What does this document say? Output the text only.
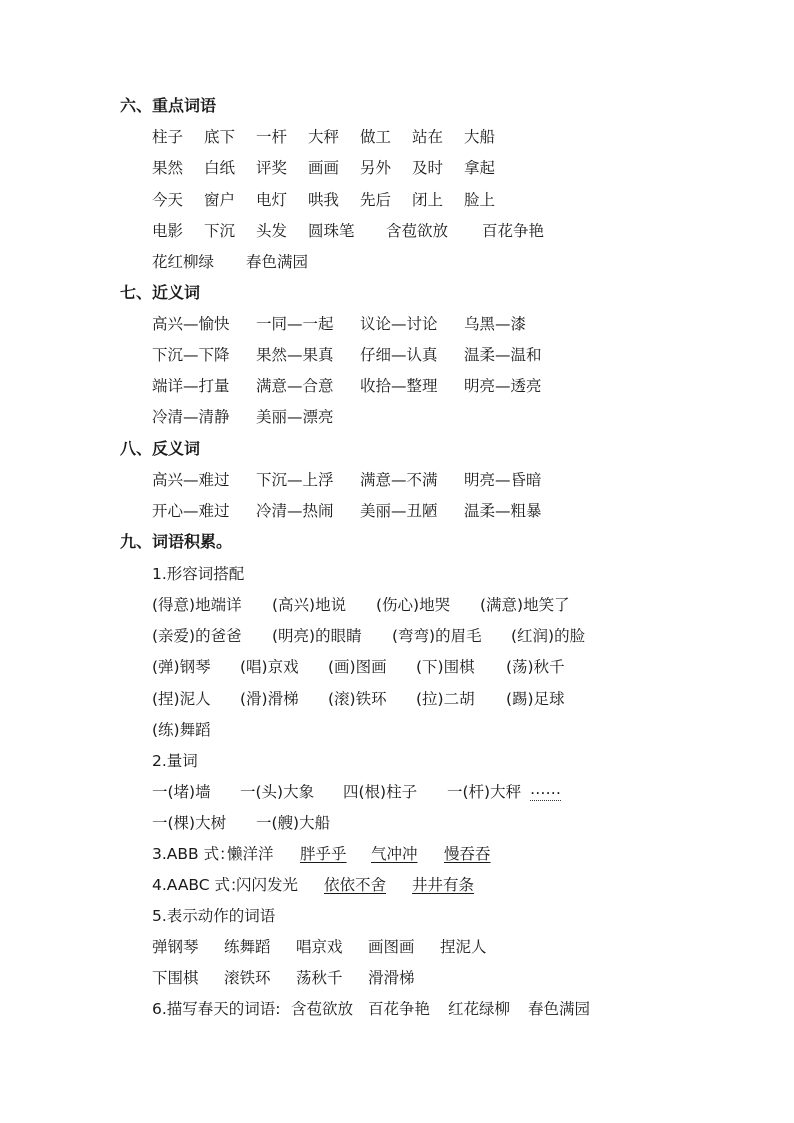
六、重点词语
柱子 底下 一杆 大秤 做工 站在 大船
果然 白纸 评奖 画画 另外 及时 拿起
今天 窗户 电灯 哄我 先后 闭上 脸上
电影 下沉 头发 圆珠笔 含苞欲放 百花争艳
花红柳绿 春色满园
七、近义词
高兴—愉快 一同—一起 议论—讨论 乌黑—漆
下沉—下降 果然—果真 仔细—认真 温柔—温和
端详—打量 满意—合意 收拾—整理 明亮—透亮
冷清—清静 美丽—漂亮
八、反义词
高兴—难过 下沉—上浮 满意—不满 明亮—昏暗
开心—难过 冷清—热闹 美丽—丑陋 温柔—粗暴
九、词语积累。
1.形容词搭配
(得意)地端详 (高兴)地说 (伤心)地哭 (满意)地笑了
(亲爱)的爸爸 (明亮)的眼睛 (弯弯)的眉毛 (红润)的脸
(弹)钢琴 (唱)京戏 (画)图画 (下)围棋 (荡)秋千
(捏)泥人 (滑)滑梯 (滚)铁环 (拉)二胡 (踢)足球
(练)舞蹈
2.量词
一(堵)墙 一(头)大象 四(根)柱子 一(杆)大秤 ……
一(棵)大树 一(艘)大船
3.ABB 式：
懒洋洋 胖乎乎 气冲冲 慢吞吞
4.AABC 式：
闪闪发光 依依不舍 井井有条
5.表示动作的词语
弹钢琴 练舞蹈 唱京戏 画图画 捏泥人
下围棋 滚铁环 荡秋千 滑滑梯
6.描写春天的词语: 含苞欲放 百花争艳 红花绿柳 春色满园
